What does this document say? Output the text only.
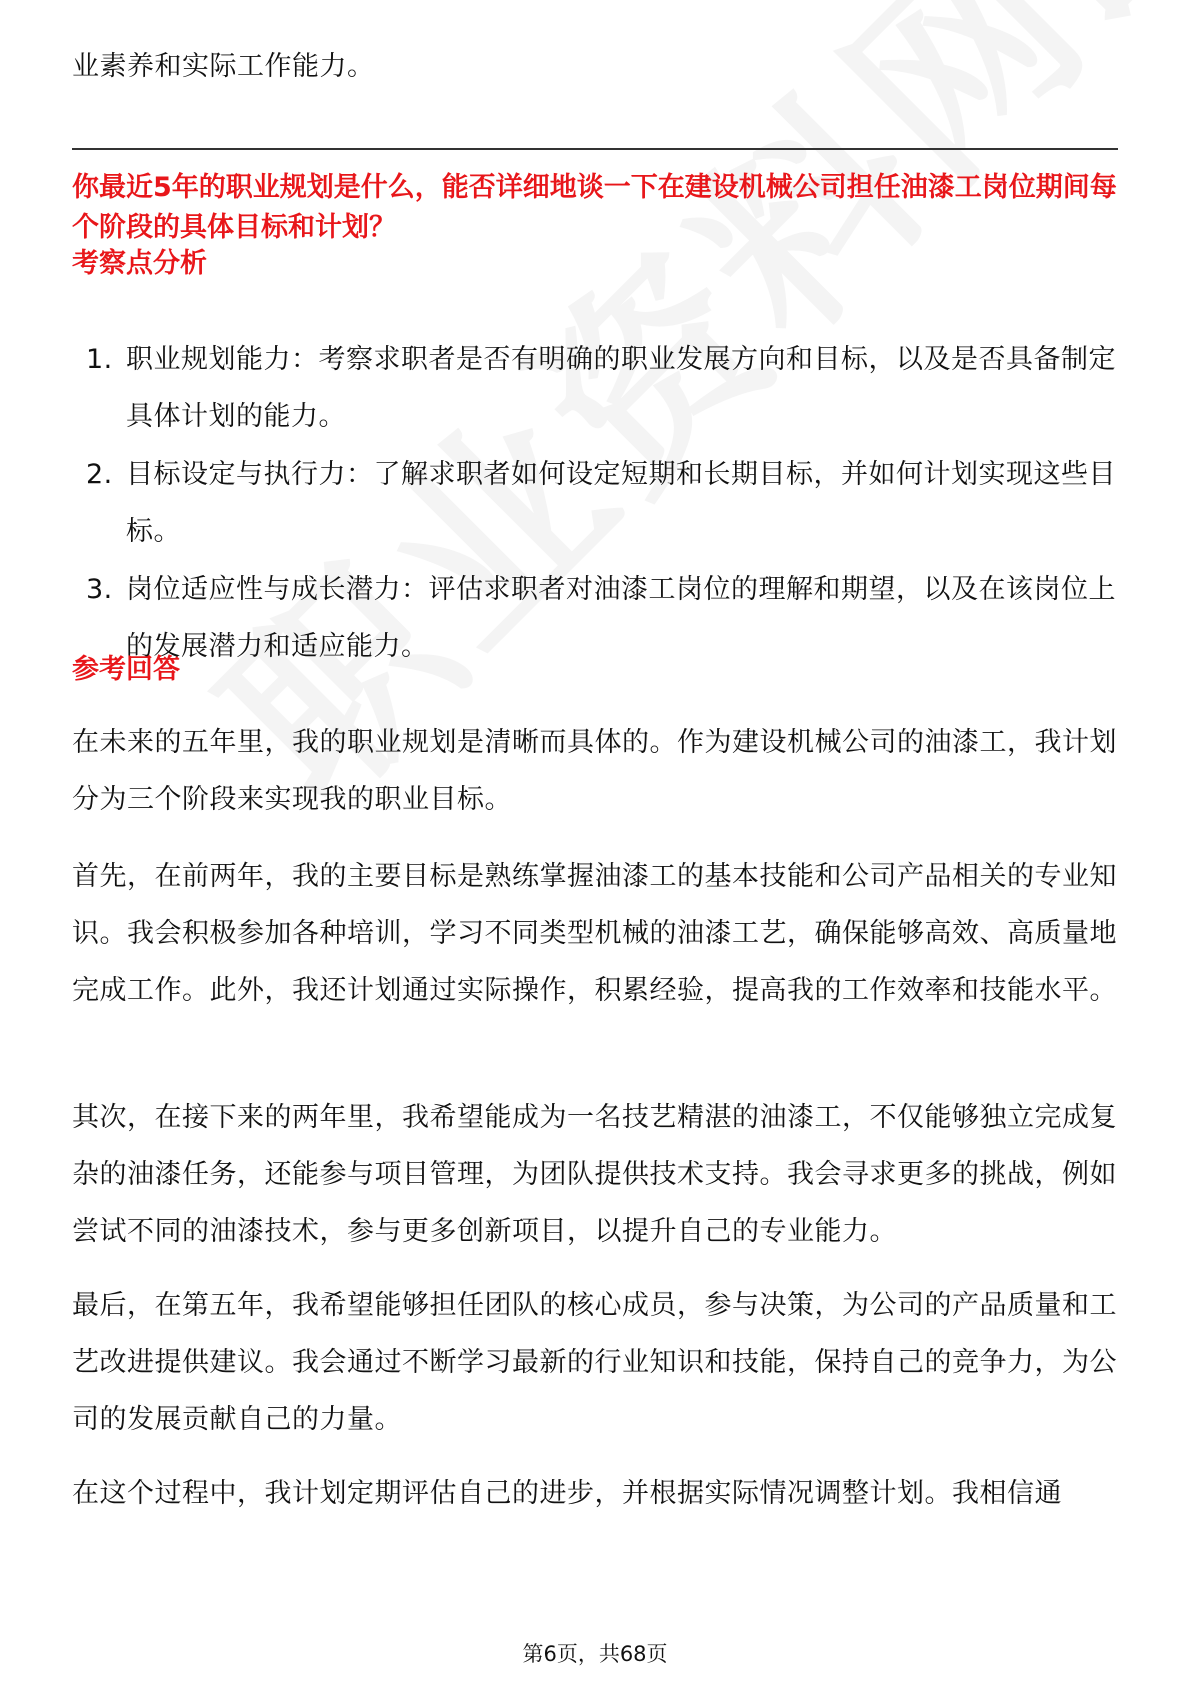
业素养和实际工作能力。

你最近5年的职业规划是什么，能否详细地谈一下在建设机械公司担任油漆工岗位期间每个阶段的具体目标和计划？

考察点分析

1. 职业规划能力：考察求职者是否有明确的职业发展方向和目标，以及是否具备制定具体计划的能力。
2. 目标设定与执行力：了解求职者如何设定短期和长期目标，并如何计划实现这些目标。
3. 岗位适应性与成长潜力：评估求职者对油漆工岗位的理解和期望，以及在该岗位上的发展潜力和适应能力。

参考回答

在未来的五年里，我的职业规划是清晰而具体的。作为建设机械公司的油漆工，我计划分为三个阶段来实现我的职业目标。

首先，在前两年，我的主要目标是熟练掌握油漆工的基本技能和公司产品相关的专业知识。我会积极参加各种培训，学习不同类型机械的油漆工艺，确保能够高效、高质量地完成工作。此外，我还计划通过实际操作，积累经验，提高我的工作效率和技能水平。

其次，在接下来的两年里，我希望能成为一名技艺精湛的油漆工，不仅能够独立完成复杂的油漆任务，还能参与项目管理，为团队提供技术支持。我会寻求更多的挑战，例如尝试不同的油漆技术，参与更多创新项目，以提升自己的专业能力。

最后，在第五年，我希望能够担任团队的核心成员，参与决策，为公司的产品质量和工艺改进提供建议。我会通过不断学习最新的行业知识和技能，保持自己的竞争力，为公司的发展贡献自己的力量。

在这个过程中，我计划定期评估自己的进步，并根据实际情况调整计划。我相信通

第6页，共68页
